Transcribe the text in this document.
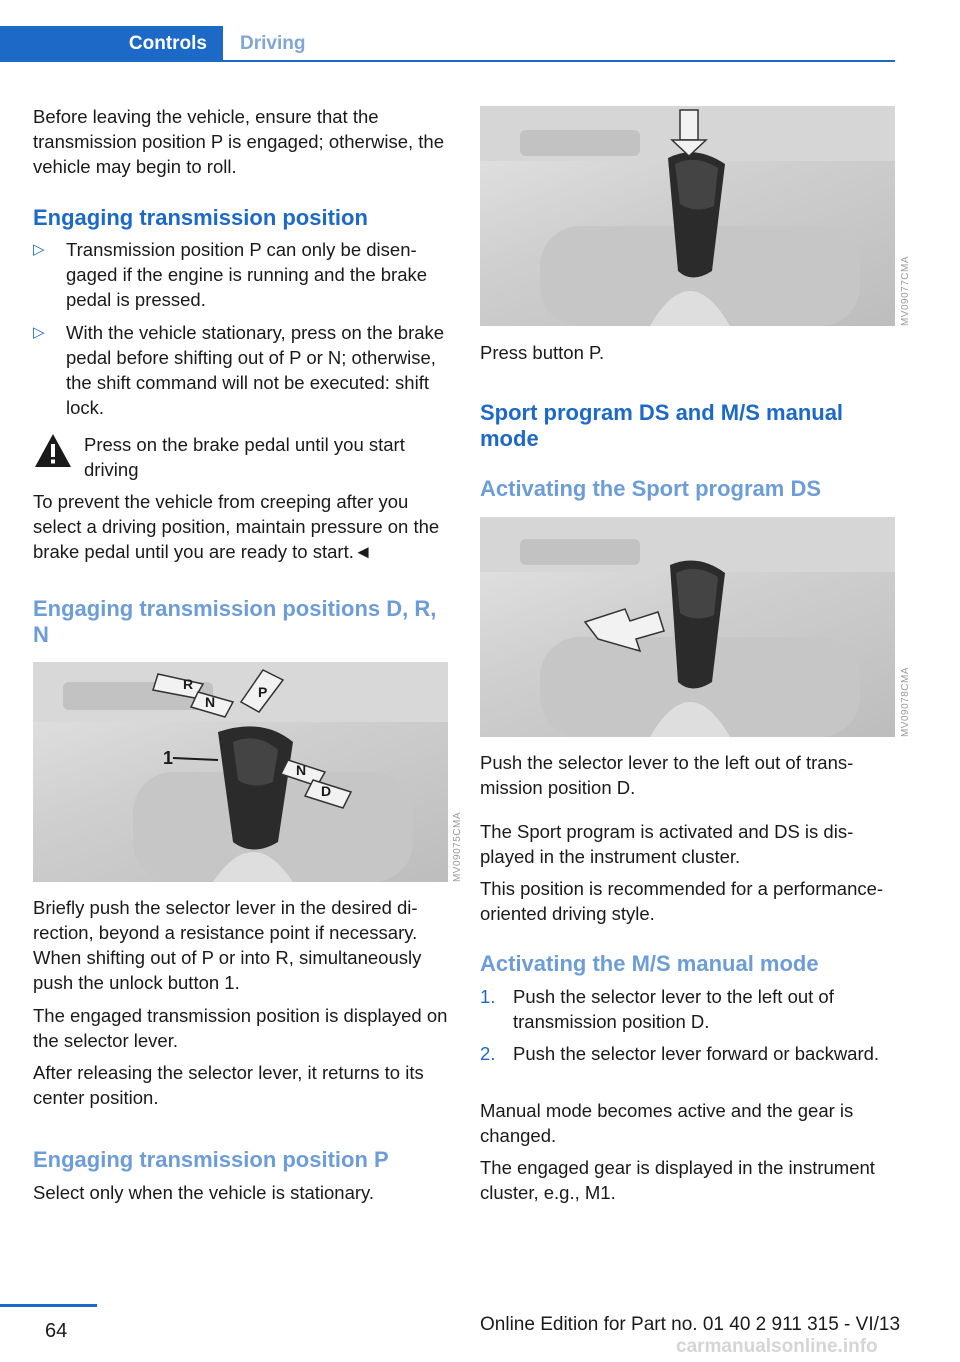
Controls	Driving

Before leaving the vehicle, ensure that the transmission position P is engaged; otherwise, the vehicle may begin to roll.

Engaging transmission position
▷ Transmission position P can only be disengaged if the engine is running and the brake pedal is pressed.
▷ With the vehicle stationary, press on the brake pedal before shifting out of P or N; otherwise, the shift command will not be executed: shift lock.

Press on the brake pedal until you start driving

To prevent the vehicle from creeping after you select a driving position, maintain pressure on the brake pedal until you are ready to start.◄

Engaging transmission positions D, R, N
R
N
P
N
D
1
MV09075CMA

Briefly push the selector lever in the desired direction, beyond a resistance point if necessary. When shifting out of P or into R, simultaneously push the unlock button 1.

The engaged transmission position is displayed on the selector lever.

After releasing the selector lever, it returns to its center position.

Engaging transmission position P

Select only when the vehicle is stationary.

MV09077CMA

Press button P.

Sport program DS and M/S manual mode
Activating the Sport program DS
MV09078CMA

Push the selector lever to the left out of transmission position D.

The Sport program is activated and DS is displayed in the instrument cluster.

This position is recommended for a performance-oriented driving style.

Activating the M/S manual mode
1. Push the selector lever to the left out of transmission position D.
2. Push the selector lever forward or backward.

Manual mode becomes active and the gear is changed.

The engaged gear is displayed in the instrument cluster, e.g., M1.

64	Online Edition for Part no. 01 40 2 911 315 - VI/13
carmanualsonline.info
